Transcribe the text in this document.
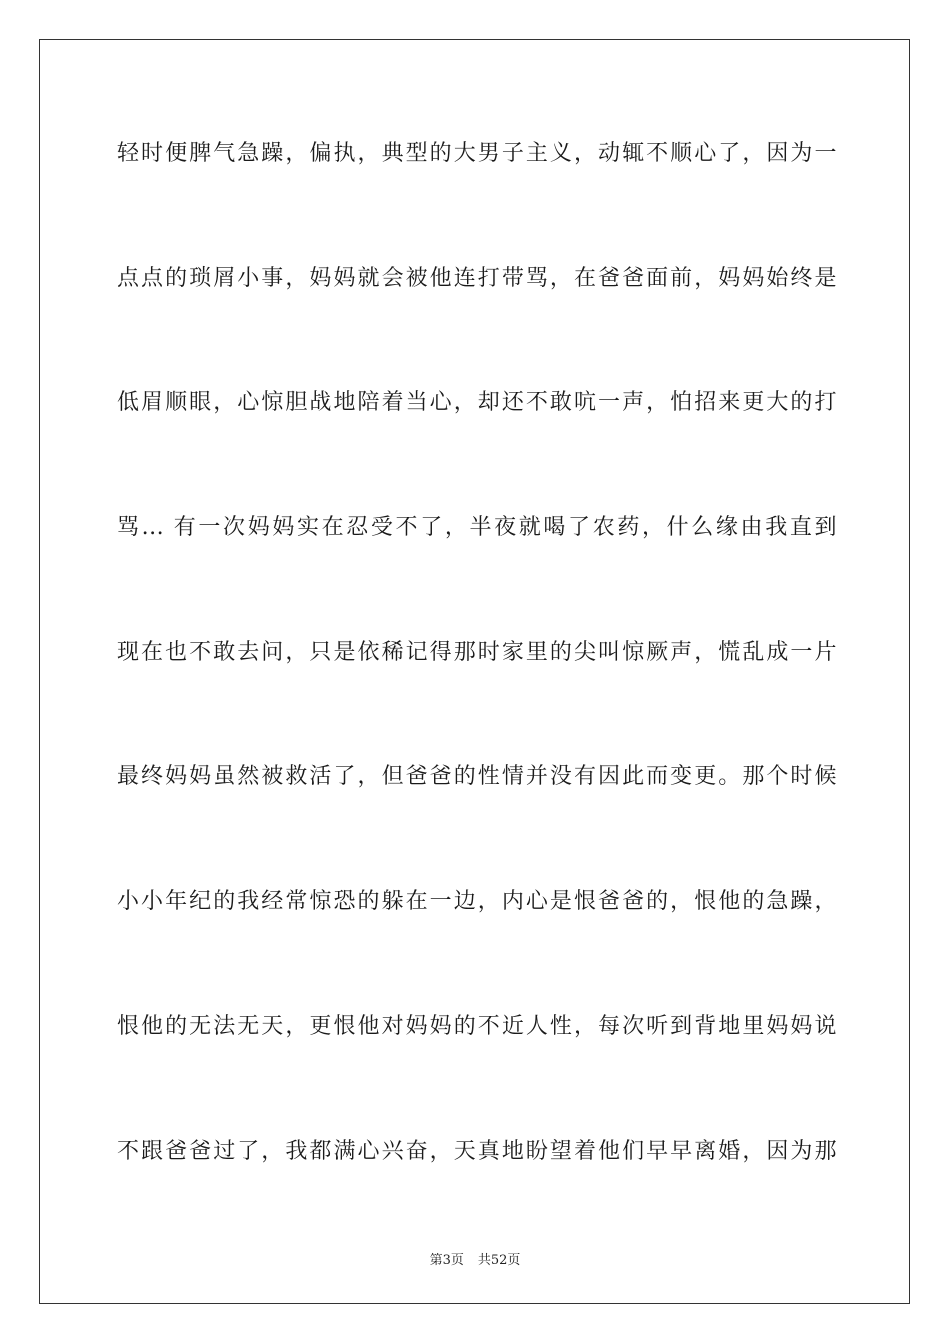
轻时便脾气急躁，偏执，典型的大男子主义，动辄不顺心了，因为一
点点的琐屑小事，妈妈就会被他连打带骂，在爸爸面前，妈妈始终是
低眉顺眼，心惊胆战地陪着当心，却还不敢吭一声，怕招来更大的打
骂... 有一次妈妈实在忍受不了，半夜就喝了农药，什么缘由我直到
现在也不敢去问，只是依稀记得那时家里的尖叫惊厥声，慌乱成一片
最终妈妈虽然被救活了，但爸爸的性情并没有因此而变更。那个时候
小小年纪的我经常惊恐的躲在一边，内心是恨爸爸的，恨他的急躁，
恨他的无法无天，更恨他对妈妈的不近人性，每次听到背地里妈妈说
不跟爸爸过了，我都满心兴奋，天真地盼望着他们早早离婚，因为那
第3页 共52页
